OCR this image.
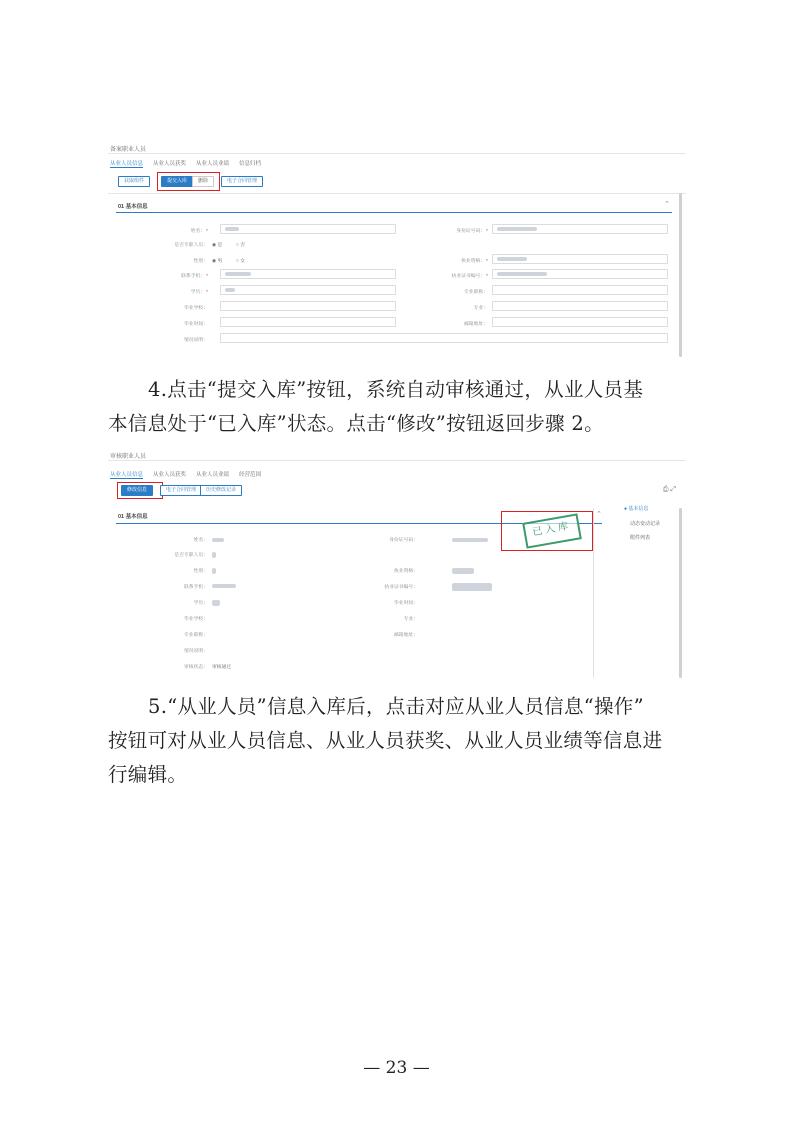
备案职业人员
从业人员信息 从业人员获奖 从业人员业绩 信息归档
获取组件	提交入库	删除	电子合同管理
01 基本信息	⌃
姓名：*	身份证号码：*
是否专职人员： ◉ 是	○ 否
性别： ◉ 男	○ 女	执业资格：*
联系手机：*	执业证书编号：*
学历：*	专业职称：
毕业学校：	专业：
毕业时间：	邮箱地址：
情况说明：
4.点击“提交入库”按钮，系统自动审核通过，从业人员基
本信息处于“已入库”状态。点击“修改”按钮返回步骤 2。
审核职业人员
从业人员信息 从业人员获奖 从业人员业绩 经营范围
修改信息	电子合同管理	历史修改记录	⎙ ⤢
01 基本信息	⌃
已入库
● 基本信息
动态变动记录
附件列表
姓名：	身份证号码：
是否专职人员：
性别：	执业资格：
联系手机：	执业证书编号：
学历：	毕业时间：
毕业学校：	专业：
专业职称：	邮箱地址：
情况说明：
审核状态： 审核通过
5.“从业人员”信息入库后，点击对应从业人员信息“操作”
按钮可对从业人员信息、从业人员获奖、从业人员业绩等信息进
行编辑。
— 23 —
